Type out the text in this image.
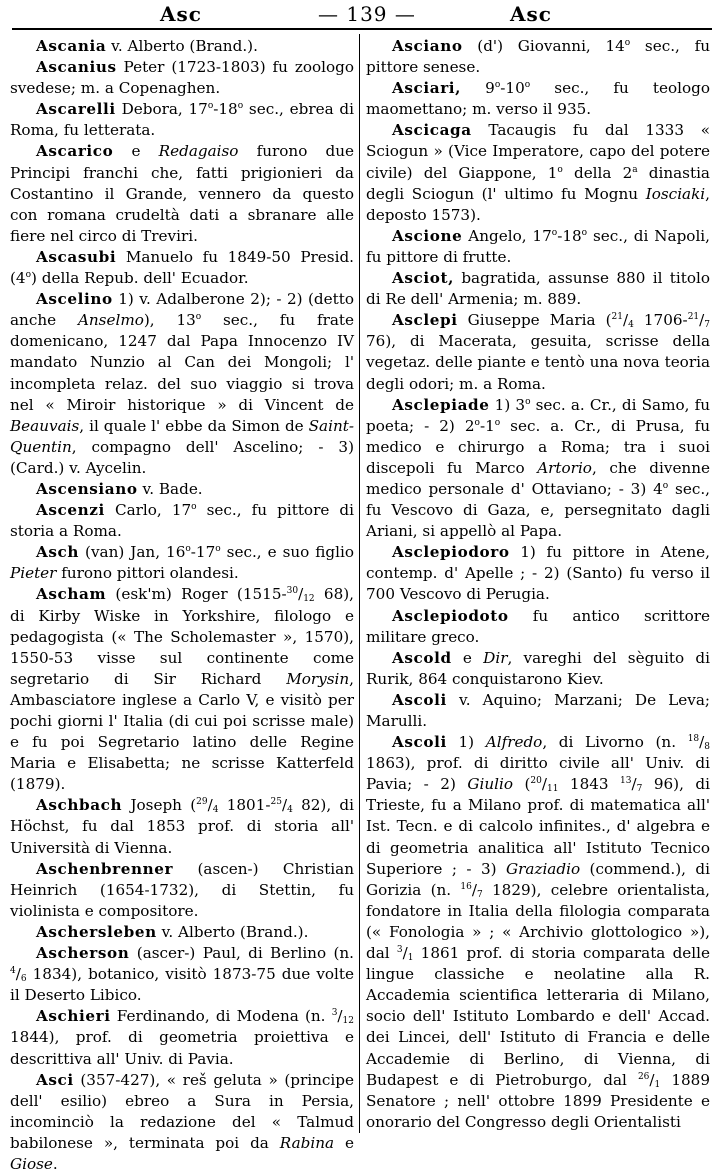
Asc	— 139 —	Asc

Ascania v. Alberto (Brand.).

Ascanius Peter (1723-1803) fu zoologo svedese; m. a Copenaghen.

Ascarelli Debora, 17$^o$-18$^o$ sec., ebrea di Roma, fu letterata.

Ascarico e Redagaiso furono due Principi franchi che, fatti prigionieri da Costantino il Grande, vennero da questo con romana crudeltà dati a sbranare alle fiere nel circo di Treviri.

Ascasubi Manuelo fu 1849-50 Presid. (4$^o$) della Repub. dell' Ecuador.

Ascelino 1) v. Adalberone 2); - 2) (detto anche Anselmo), 13$^o$ sec., fu frate domenicano, 1247 dal Papa Innocenzo IV mandato Nunzio al Can dei Mongoli; l' incompleta relaz. del suo viaggio si trova nel « Miroir historique » di Vincent de Beauvais, il quale l' ebbe da Simon de Saint-Quentin, compagno dell' Ascelino; - 3) (Card.) v. Aycelin.

Ascensiano v. Bade.

Ascenzi Carlo, 17$^o$ sec., fu pittore di storia a Roma.

Asch (van) Jan, 16$^o$-17$^o$ sec., e suo figlio Pieter furono pittori olandesi.

Ascham (esk'm) Roger ($1515-^{30}/_{12}$ 68), di Kirby Wiske in Yorkshire, filologo e pedagogista (« The Scholemaster », 1570), 1550-53 visse sul continente come segretario di Sir Richard Morysin, Ambasciatore inglese a Carlo V, e visitò per pochi giorni l' Italia (di cui poi scrisse male) e fu poi Segretario latino delle Regine Maria e Elisabetta; ne scrisse Katterfeld (1879).

Aschbach Joseph ($^{29}/_4$ $1801-^{25}/_4$ 82), di Höchst, fu dal 1853 prof. di storia all' Università di Vienna.

Aschenbrenner (ascen-) Christian Heinrich (1654-1732), di Stettin, fu violinista e compositore.

Aschersleben v. Alberto (Brand.).

Ascherson (ascer-) Paul, di Berlino (n. $^4/_6$ 1834), botanico, visitò 1873-75 due volte il Deserto Libico.

Aschieri Ferdinando, di Modena (n. $^3/_{12}$ 1844), prof. di geometria proiettiva e descrittiva all' Univ. di Pavia.

Asci (357-427), « reš geluta » (principe dell' esilio) ebreo a Sura in Persia, incominciò la redazione del « Talmud babilonese », terminata poi da Rabina e Giose.

Asciano (d') Giovanni, 14$^o$ sec., fu pittore senese.

Asciari, 9$^o$-10$^o$ sec., fu teologo maomettano; m. verso il 935.

Ascicaga Tacaugis fu dal 1333 « Sciogun » (Vice Imperatore, capo del potere civile) del Giappone, 1$^o$ della 2$^a$ dinastia degli Sciogun (l' ultimo fu Mognu Iosciaki, deposto 1573).

Ascione Angelo, 17$^o$-18$^o$ sec., di Napoli, fu pittore di frutte.

Asciot, bagratida, assunse 880 il titolo di Re dell' Armenia; m. 889.

Asclepi Giuseppe Maria ($^{21}/_4$ $1706-^{21}/_7$ 76), di Macerata, gesuita, scrisse della vegetaz. delle piante e tentò una nova teoria degli odori; m. a Roma.

Asclepiade 1) 3$^o$ sec. a. Cr., di Samo, fu poeta; - 2) 2$^o$-1$^o$ sec. a. Cr., di Prusa, fu medico e chirurgo a Roma; tra i suoi discepoli fu Marco Artorio, che divenne medico personale d' Ottaviano; - 3) 4$^o$ sec., fu Vescovo di Gaza, e, persegnitato dagli Ariani, si appellò al Papa.

Asclepiodoro 1) fu pittore in Atene, contemp. d' Apelle ; - 2) (Santo) fu verso il 700 Vescovo di Perugia.

Asclepiodoto fu antico scrittore militare greco.

Ascold e Dir, vareghi del sèguito di Rurik, 864 conquistarono Kiev.

Ascoli v. Aquino; Marzani; De Leva; Marulli.

Ascoli 1) Alfredo, di Livorno (n. $^{18}/_8$ 1863), prof. di diritto civile all' Univ. di Pavia; - 2) Giulio ($^{20}/_{11}$ 1843 $^{13}/_7$ 96), di Trieste, fu a Milano prof. di matematica all' Ist. Tecn. e di calcolo infinites., d' algebra e di geometria analitica all' Istituto Tecnico Superiore ; - 3) Graziadio (commend.), di Gorizia (n. $^{16}/_7$ 1829), celebre orientalista, fondatore in Italia della filologia comparata (« Fonologia » ; « Archivio glottologico »), dal $^3/_1$ 1861 prof. di storia comparata delle lingue classiche e neolatine alla R. Accademia scientifica letteraria di Milano, socio dell' Istituto Lombardo e dell' Accad. dei Lincei, dell' Istituto di Francia e delle Accademie di Berlino, di Vienna, di Budapest e di Pietroburgo, dal $^{26}/_1$ 1889 Senatore ; nell' ottobre 1899 Presidente e onorario del Congresso degli Orientalisti
